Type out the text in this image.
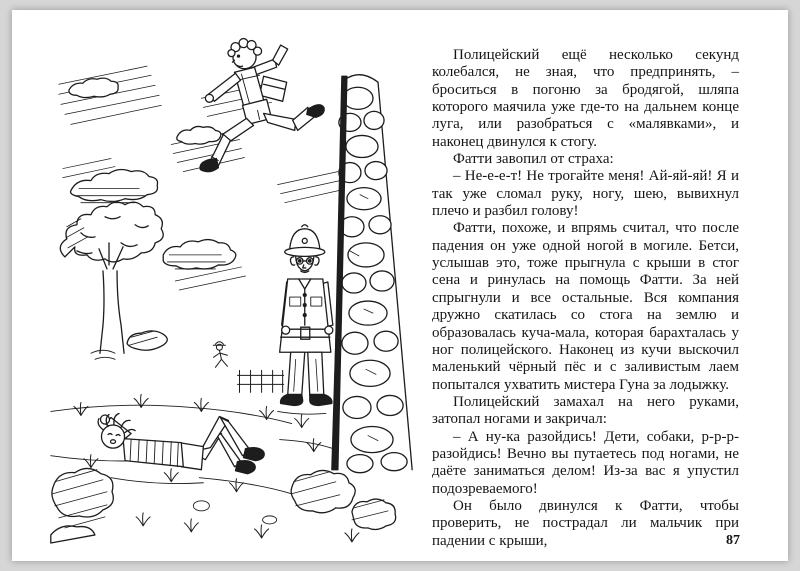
Полицейский ещё несколько секунд колебался, не зная, что предпринять, – броситься в погоню за бродягой, шляпа которого маячила уже где-то на дальнем конце луга, или разобраться с «малявками», и наконец двинулся к стогу.

Фатти завопил от страха:

– Не-е-е-т! Не трогайте меня! Ай-яй-яй! Я и так уже сломал руку, ногу, шею, вывихнул плечо и разбил голову!

Фатти, похоже, и впрямь считал, что после падения он уже одной ногой в могиле. Бетси, услышав это, тоже прыгнула с крыши в стог сена и ринулась на помощь Фатти. За ней спрыгнули и все остальные. Вся компания дружно скатилась со стога на землю и образовалась куча-мала, которая барахталась у ног полицейского. Наконец из кучи выскочил маленький чёрный пёс и с заливистым лаем попытался ухватить мистера Гуна за лодыжку.

Полицейский замахал на него руками, затопал ногами и закричал:

– А ну-ка разойдись! Дети, собаки, р-р-р-разойдись! Вечно вы путаетесь под ногами, не даёте заниматься делом! Из-за вас я упустил подозреваемого!

Он было двинулся к Фатти, чтобы проверить, не пострадал ли мальчик при падении с крыши,	87
